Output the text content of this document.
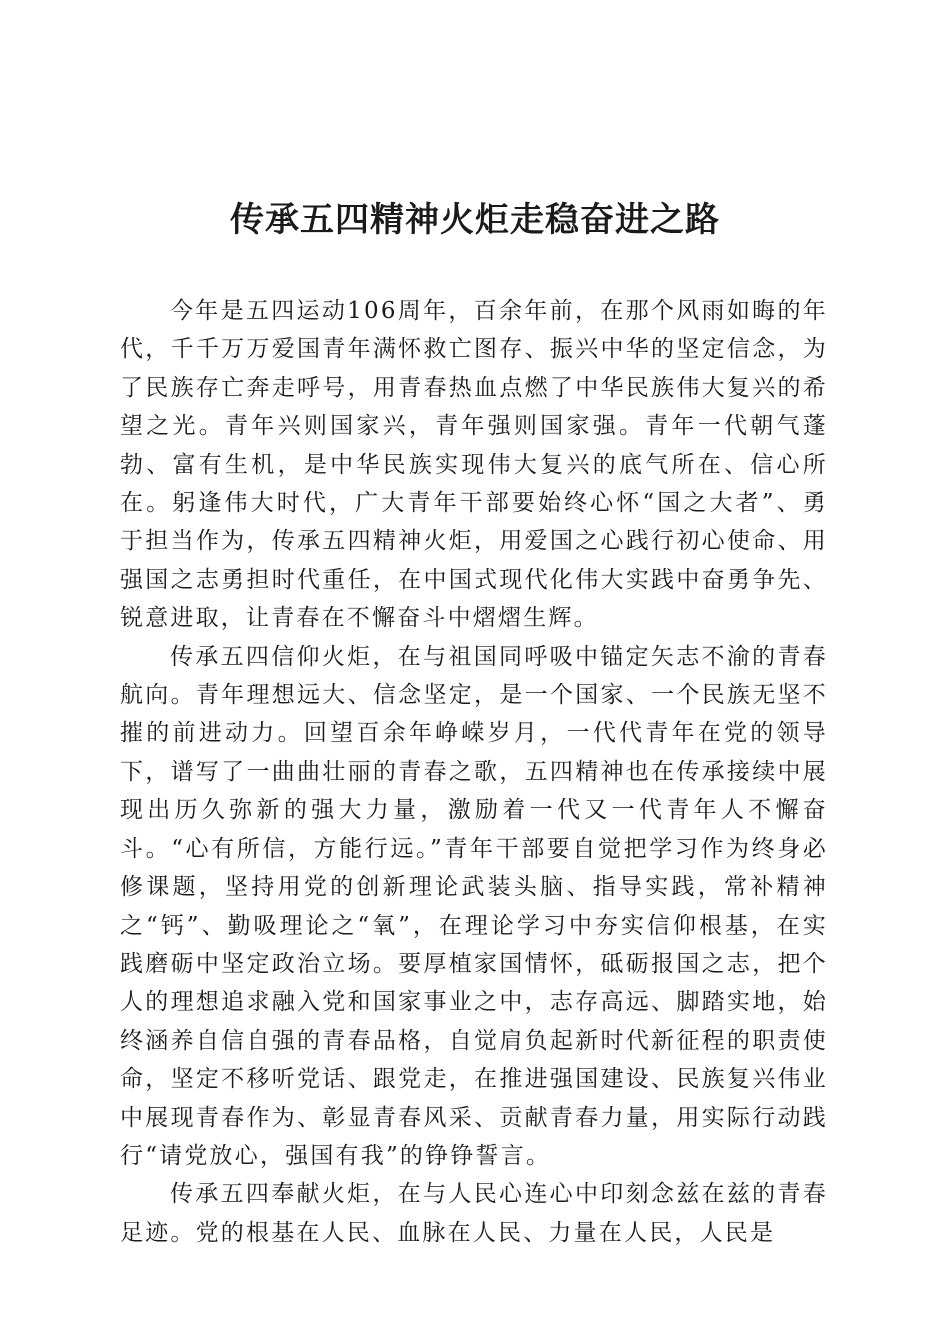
传承五四精神火炬走稳奋进之路

今年是五四运动106周年，百余年前，在那个风雨如晦的年代，千千万万爱国青年满怀救亡图存、振兴中华的坚定信念，为了民族存亡奔走呼号，用青春热血点燃了中华民族伟大复兴的希望之光。青年兴则国家兴，青年强则国家强。青年一代朝气蓬勃、富有生机，是中华民族实现伟大复兴的底气所在、信心所在。躬逢伟大时代，广大青年干部要始终心怀“国之大者”、勇于担当作为，传承五四精神火炬，用爱国之心践行初心使命、用强国之志勇担时代重任，在中国式现代化伟大实践中奋勇争先、锐意进取，让青春在不懈奋斗中熠熠生辉。

传承五四信仰火炬，在与祖国同呼吸中锚定矢志不渝的青春航向。青年理想远大、信念坚定，是一个国家、一个民族无坚不摧的前进动力。回望百余年峥嵘岁月，一代代青年在党的领导下，谱写了一曲曲壮丽的青春之歌，五四精神也在传承接续中展现出历久弥新的强大力量，激励着一代又一代青年人不懈奋斗。“心有所信，方能行远。”青年干部要自觉把学习作为终身必修课题，坚持用党的创新理论武装头脑、指导实践，常补精神之“钙”、勤吸理论之“氧”，在理论学习中夯实信仰根基，在实践磨砺中坚定政治立场。要厚植家国情怀，砥砺报国之志，把个人的理想追求融入党和国家事业之中，志存高远、脚踏实地，始终涵养自信自强的青春品格，自觉肩负起新时代新征程的职责使命，坚定不移听党话、跟党走，在推进强国建设、民族复兴伟业中展现青春作为、彰显青春风采、贡献青春力量，用实际行动践行“请党放心，强国有我”的铮铮誓言。

传承五四奉献火炬，在与人民心连心中印刻念兹在兹的青春足迹。党的根基在人民、血脉在人民、力量在人民，人民是
